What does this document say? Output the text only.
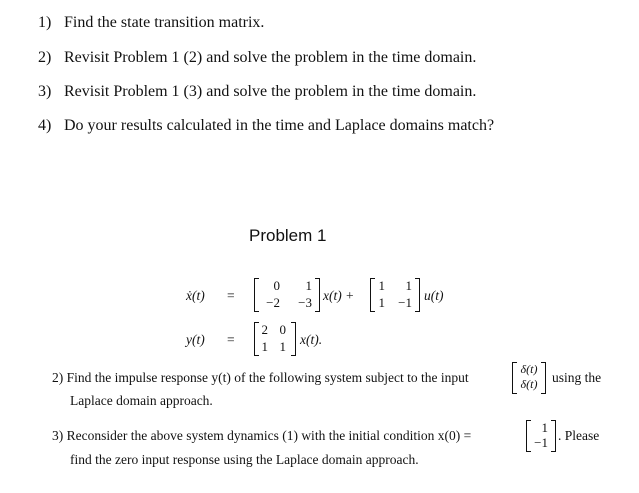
1) Find the state transition matrix.
2) Revisit Problem 1 (2) and solve the problem in the time domain.
3) Revisit Problem 1 (3) and solve the problem in the time domain.
4) Do your results calculated in the time and Laplace domains match?
Problem 1
ẋ(t) =
0	1
−2	−3 x(t) +
1	1
1	−1 u(t)
y(t) =
2 0
1 1 x(t).
2) Find the impulse response y(t) of the following system subject to the input
δ(t)
δ(t)	using the
Laplace domain approach.
3) Reconsider the above system dynamics (1) with the initial condition x(0) =
1
−1 . Please
find the zero input response using the Laplace domain approach.
